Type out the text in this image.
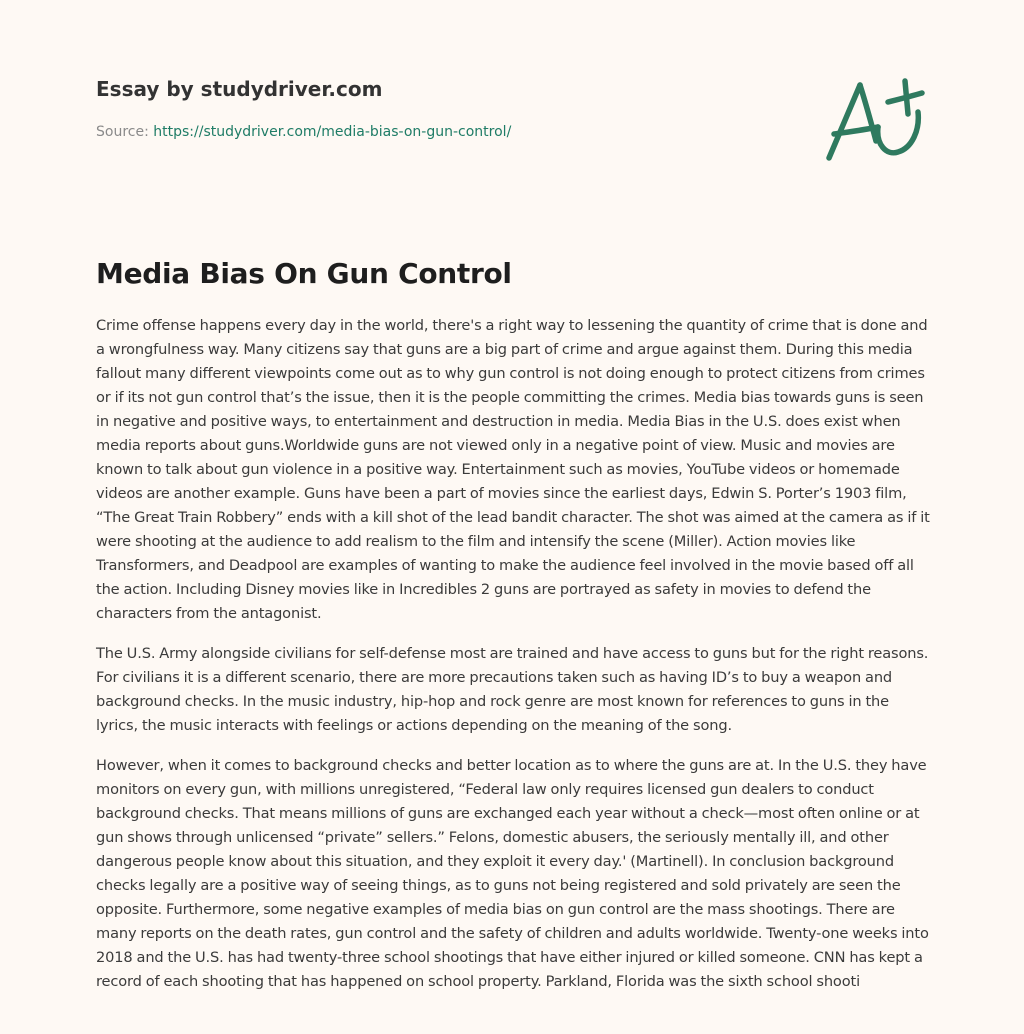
Essay by studydriver.com
Source: https://studydriver.com/media-bias-on-gun-control/
Media Bias On Gun Control

Crime offense happens every day in the world, there's a right way to lessening the quantity of crime that is done and a wrongfulness way. Many citizens say that guns are a big part of crime and argue against them. During this media fallout many different viewpoints come out as to why gun control is not doing enough to protect citizens from crimes or if its not gun control that’s the issue, then it is the people committing the crimes. Media bias towards guns is seen in negative and positive ways, to entertainment and destruction in media. Media Bias in the U.S. does exist when media reports about guns.Worldwide guns are not viewed only in a negative point of view. Music and movies are known to talk about gun violence in a positive way. Entertainment such as movies, YouTube videos or homemade videos are another example. Guns have been a part of movies since the earliest days, Edwin S. Porter’s 1903 film, “The Great Train Robbery” ends with a kill shot of the lead bandit character. The shot was aimed at the camera as if it were shooting at the audience to add realism to the film and intensify the scene (Miller). Action movies like Transformers, and Deadpool are examples of wanting to make the audience feel involved in the movie based off all the action. Including Disney movies like in Incredibles 2 guns are portrayed as safety in movies to defend the characters from the antagonist.

The U.S. Army alongside civilians for self-defense most are trained and have access to guns but for the right reasons. For civilians it is a different scenario, there are more precautions taken such as having ID’s to buy a weapon and background checks. In the music industry, hip-hop and rock genre are most known for references to guns in the lyrics, the music interacts with feelings or actions depending on the meaning of the song.

However, when it comes to background checks and better location as to where the guns are at. In the U.S. they have monitors on every gun, with millions unregistered, “Federal law only requires licensed gun dealers to conduct background checks. That means millions of guns are exchanged each year without a check—most often online or at gun shows through unlicensed “private” sellers.” Felons, domestic abusers, the seriously mentally ill, and other dangerous people know about this situation, and they exploit it every day.' (Martinell). In conclusion background checks legally are a positive way of seeing things, as to guns not being registered and sold privately are seen the opposite. Furthermore, some negative examples of media bias on gun control are the mass shootings. There are many reports on the death rates, gun control and the safety of children and adults worldwide. Twenty-one weeks into 2018 and the U.S. has had twenty-three school shootings that have either injured or killed someone. CNN has kept a record of each shooting that has happened on school property. Parkland, Florida was the sixth school shooti
